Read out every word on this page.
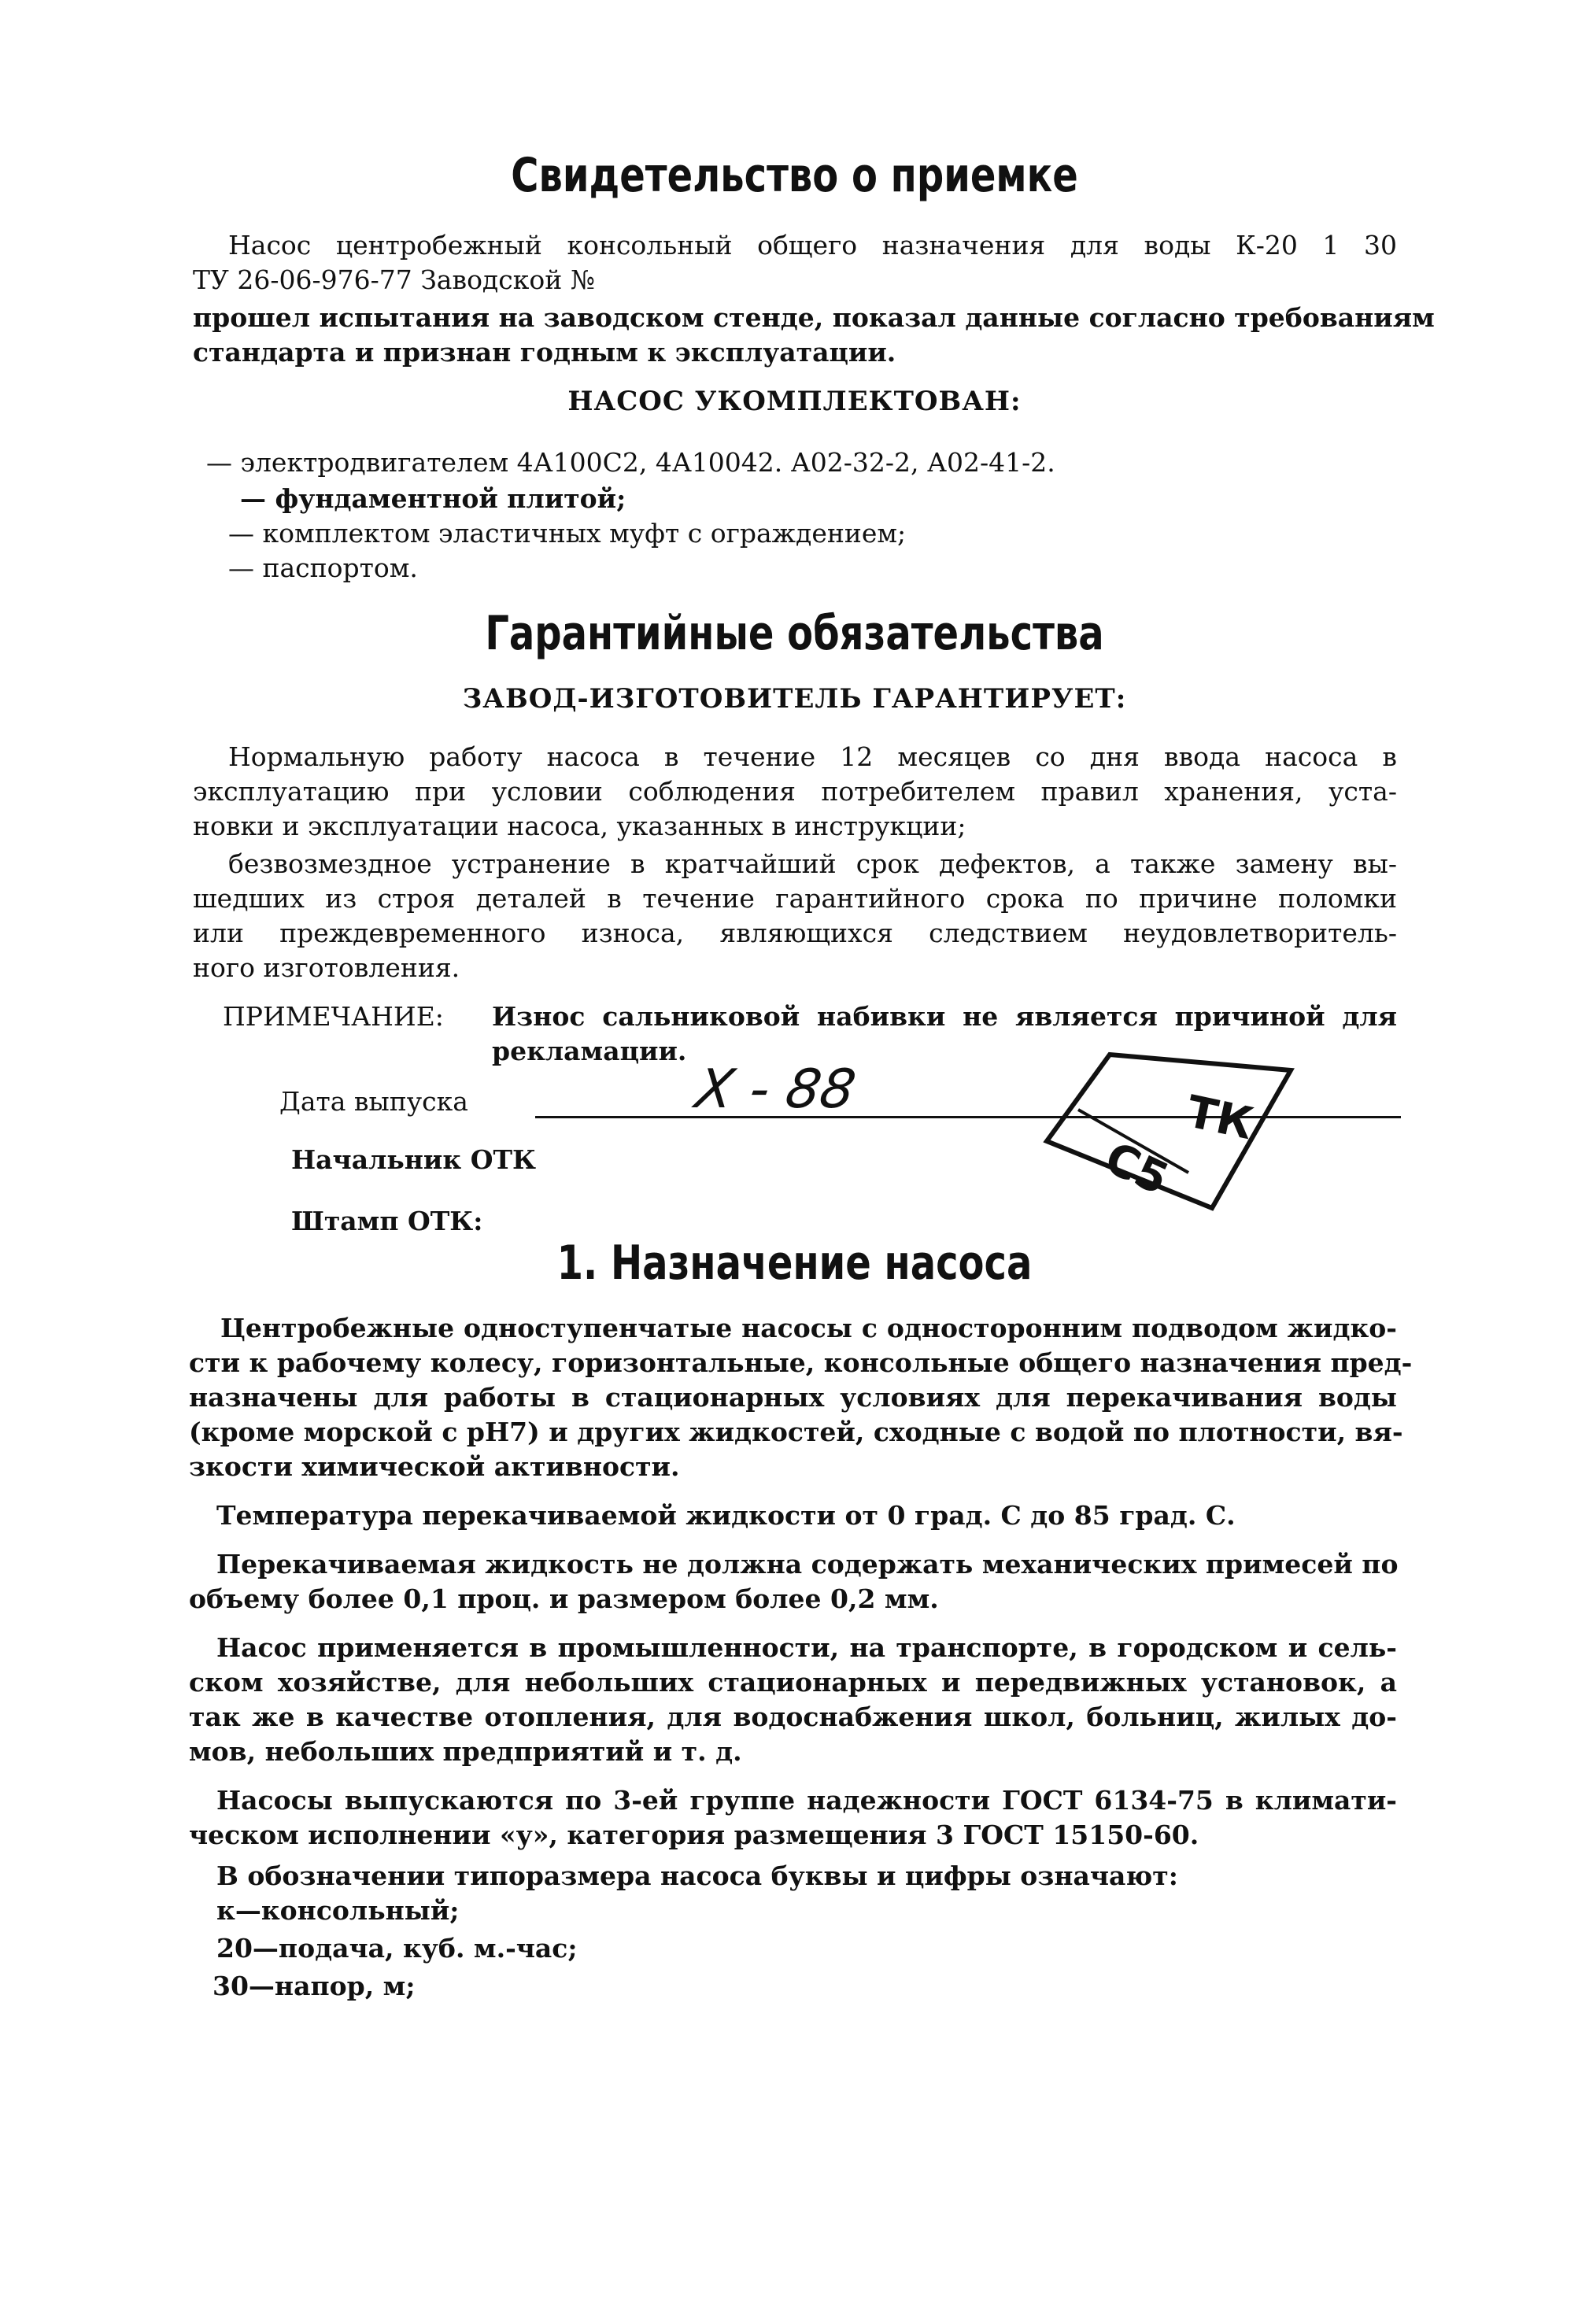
Свидетельство о приемке
Насос центробежный консольный общего назначения для воды К-20 1 30
ТУ 26-06-976-77 Заводской №
прошел испытания на заводском стенде, показал данные согласно требованиям
стандарта и признан годным к эксплуатации.
НАСОС УКОМПЛЕКТОВАН:
— электродвигателем 4А100С2, 4А10042. А02-32-2, А02-41-2.
— фундаментной плитой;
— комплектом эластичных муфт с ограждением;
— паспортом.
Гарантийные обязательства
ЗАВОД-ИЗГОТОВИТЕЛЬ ГАРАНТИРУЕТ:
Нормальную работу насоса в течение 12 месяцев со дня ввода насоса в
эксплуатацию при условии соблюдения потребителем правил хранения, уста-
новки и эксплуатации насоса, указанных в инструкции;
безвозмездное устранение в кратчайший срок дефектов, а также замену вы-
шедших из строя деталей в течение гарантийного срока по причине поломки
или преждевременного износа, являющихся следствием неудовлетворитель-
ного изготовления.
ПРИМЕЧАНИЕ: Износ сальниковой набивки не является причиной для
рекламации.
Дата выпуска	Х - 88
Начальник ОТК
Штамп ОТК:
ТК
С5
1. Назначение насоса
Центробежные одноступенчатые насосы с односторонним подводом жидко-
сти к рабочему колесу, горизонтальные, консольные общего назначения пред-
назначены для работы в стационарных условиях для перекачивания воды
(кроме морской с рН7) и других жидкостей, сходные с водой по плотности, вя-
зкости химической активности.
Температура перекачиваемой жидкости от 0 град. С до 85 град. С.
Перекачиваемая жидкость не должна содержать механических примесей по
объему более 0,1 проц. и размером более 0,2 мм.
Насос применяется в промышленности, на транспорте, в городском и сель-
ском хозяйстве, для небольших стационарных и передвижных установок, а
так же в качестве отопления, для водоснабжения школ, больниц, жилых до-
мов, небольших предприятий и т. д.
Насосы выпускаются по 3-ей группе надежности ГОСТ 6134-75 в климати-
ческом исполнении «у», категория размещения 3 ГОСТ 15150-60.
В обозначении типоразмера насоса буквы и цифры означают:
к—консольный;
20—подача, куб. м.-час;
30—напор, м;
